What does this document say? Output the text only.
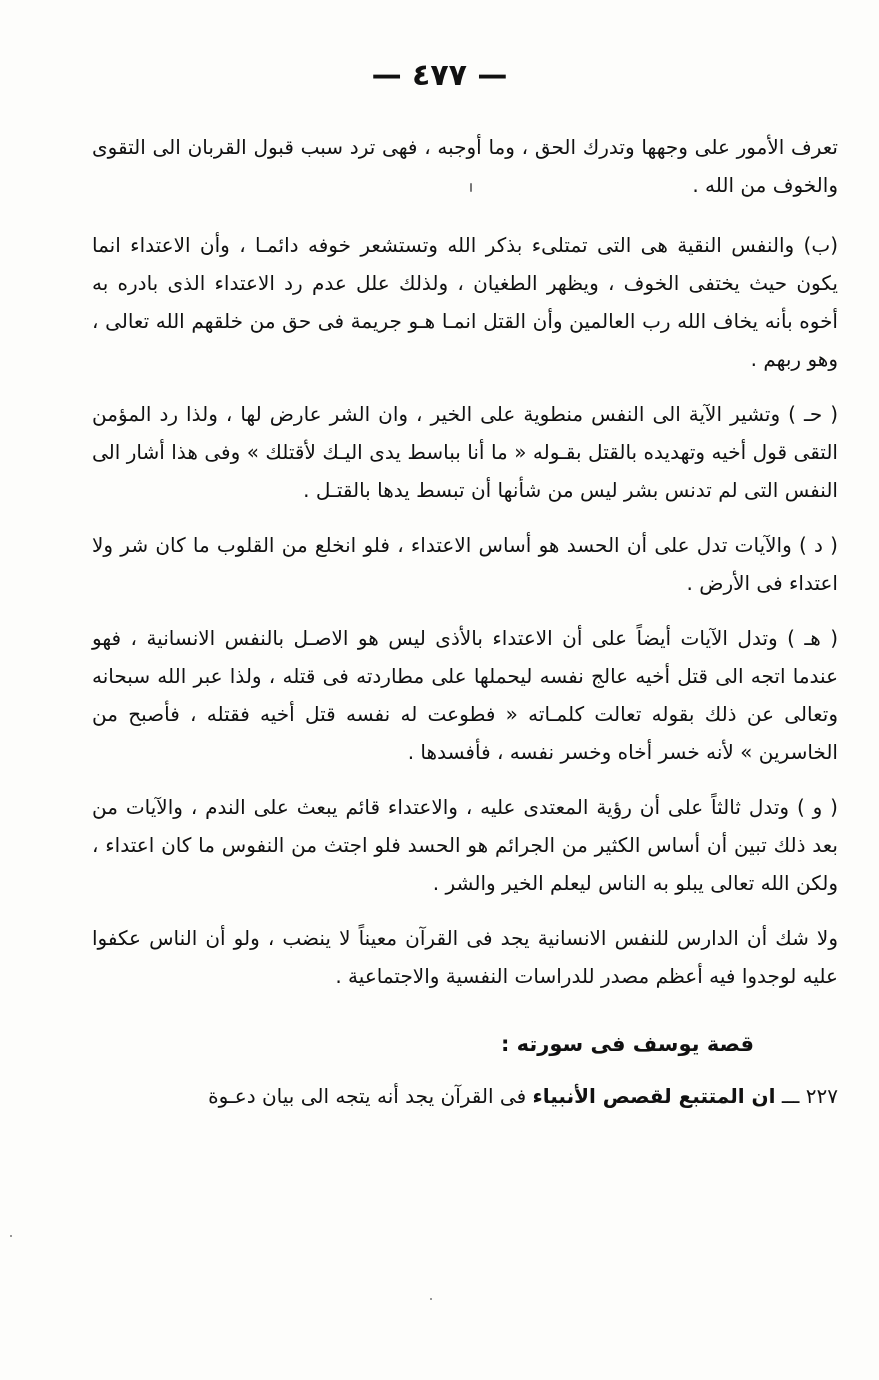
— ٤٧٧ —

تعرف الأمور على وجهها وتدرك الحق ، وما أوجبه ، فهى ترد سبب قبول القربان الى التقوى والخوف من الله .

(ب) والنفس النقية هى التى تمتلىء بذكر الله وتستشعر خوفه دائمـا ، وأن الاعتداء انما يكون حيث يختفى الخوف ، ويظهر الطغيان ، ولذلك علل عدم رد الاعتداء الذى بادره به أخوه بأنه يخاف الله رب العالمين وأن القتل انمـا هـو جريمة فى حق من خلقهم الله تعالى ، وهو ربهم .

( حـ ) وتشير الآية الى النفس منطوية على الخير ، وان الشر عارض لها ، ولذا رد المؤمن التقى قول أخيه وتهديده بالقتل بقـوله « ما أنا بباسط يدى اليـك لأقتلك » وفى هذا أشار الى النفس التى لم تدنس بشر ليس من شأنها أن تبسط يدها بالقتـل .

( د ) والآيات تدل على أن الحسد هو أساس الاعتداء ، فلو انخلع من القلوب ما كان شر ولا اعتداء فى الأرض .

( هـ ) وتدل الآيات أيضاً على أن الاعتداء بالأذى ليس هو الاصـل بالنفس الانسانية ، فهو عندما اتجه الى قتل أخيه عالج نفسه ليحملها على مطاردته فى قتله ، ولذا عبر الله سبحانه وتعالى عن ذلك بقوله تعالت كلمـاته « فطوعت له نفسه قتل أخيه فقتله ، فأصبح من الخاسرين » لأنه خسر أخاه وخسر نفسه ، فأفسدها .

( و ) وتدل ثالثاً على أن رؤية المعتدى عليه ، والاعتداء قائم يبعث على الندم ، والآيات من بعد ذلك تبين أن أساس الكثير من الجرائم هو الحسد فلو اجتث من النفوس ما كان اعتداء ، ولكن الله تعالى يبلو به الناس ليعلم الخير والشر .

ولا شك أن الدارس للنفس الانسانية يجد فى القرآن معيناً لا ينضب ، ولو أن الناس عكفوا عليه لوجدوا فيه أعظم مصدر للدراسات النفسية والاجتماعية .

قصة يوسف فى سورته :

٢٢٧ ـــ ان المتتبع لقصص الأنبياء فى القرآن يجد أنه يتجه الى بيان دعـوة
